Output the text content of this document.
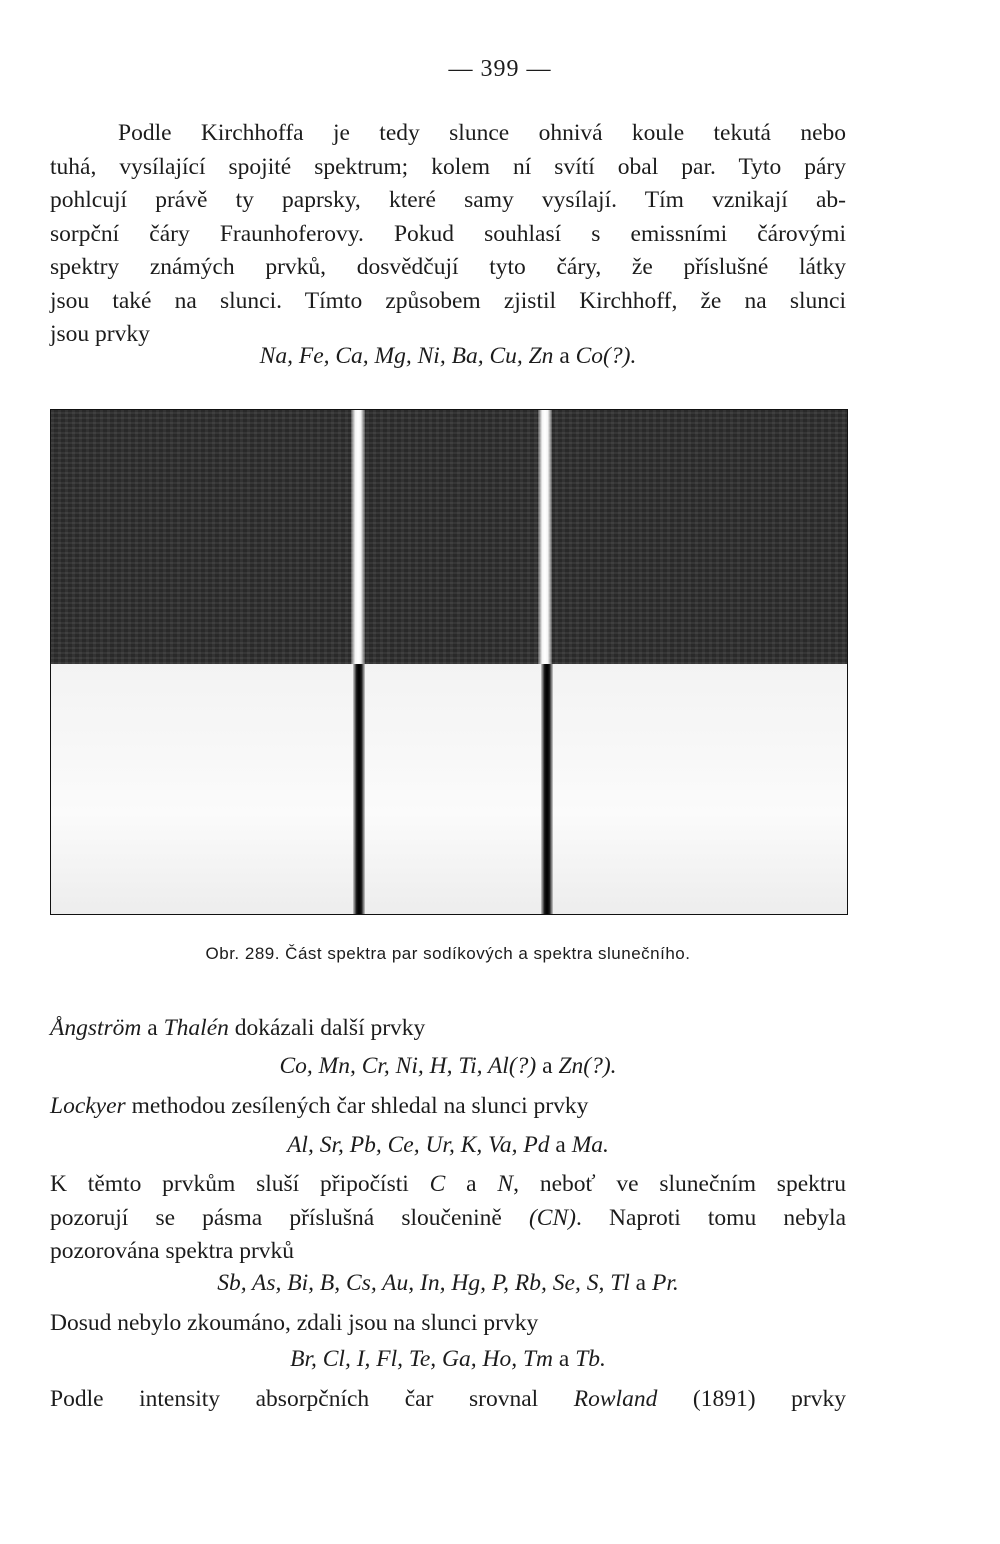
— 399 —
Podle Kirchhoffa je tedy slunce ohnivá koule tekutá nebo
tuhá, vysílající spojité spektrum; kolem ní svítí obal par. Tyto páry
pohlcují právě ty paprsky, které samy vysílají. Tím vznikají ab-
sorpční čáry Fraunhoferovy. Pokud souhlasí s emissními čárovými
spektry známých prvků, dosvědčují tyto čáry, že příslušné látky
jsou také na slunci. Tímto způsobem zjistil Kirchhoff, že na slunci
jsou prvky
Na, Fe, Ca, Mg, Ni, Ba, Cu, Zn a Co(?).
Obr. 289. Část spektra par sodíkových a spektra slunečního.
Ångström a Thalén dokázali další prvky
Co, Mn, Cr, Ni, H, Ti, Al(?) a Zn(?).
Lockyer methodou zesílených čar shledal na slunci prvky
Al, Sr, Pb, Ce, Ur, K, Va, Pd a Ma.
K těmto prvkům sluší připočísti C a N, neboť ve slunečním spektru
pozorují se pásma příslušná sloučenině (CN). Naproti tomu nebyla
pozorována spektra prvků
Sb, As, Bi, B, Cs, Au, In, Hg, P, Rb, Se, S, Tl a Pr.
Dosud nebylo zkoumáno, zdali jsou na slunci prvky
Br, Cl, I, Fl, Te, Ga, Ho, Tm a Tb.
Podle intensity absorpčních čar srovnal Rowland (1891) prvky
